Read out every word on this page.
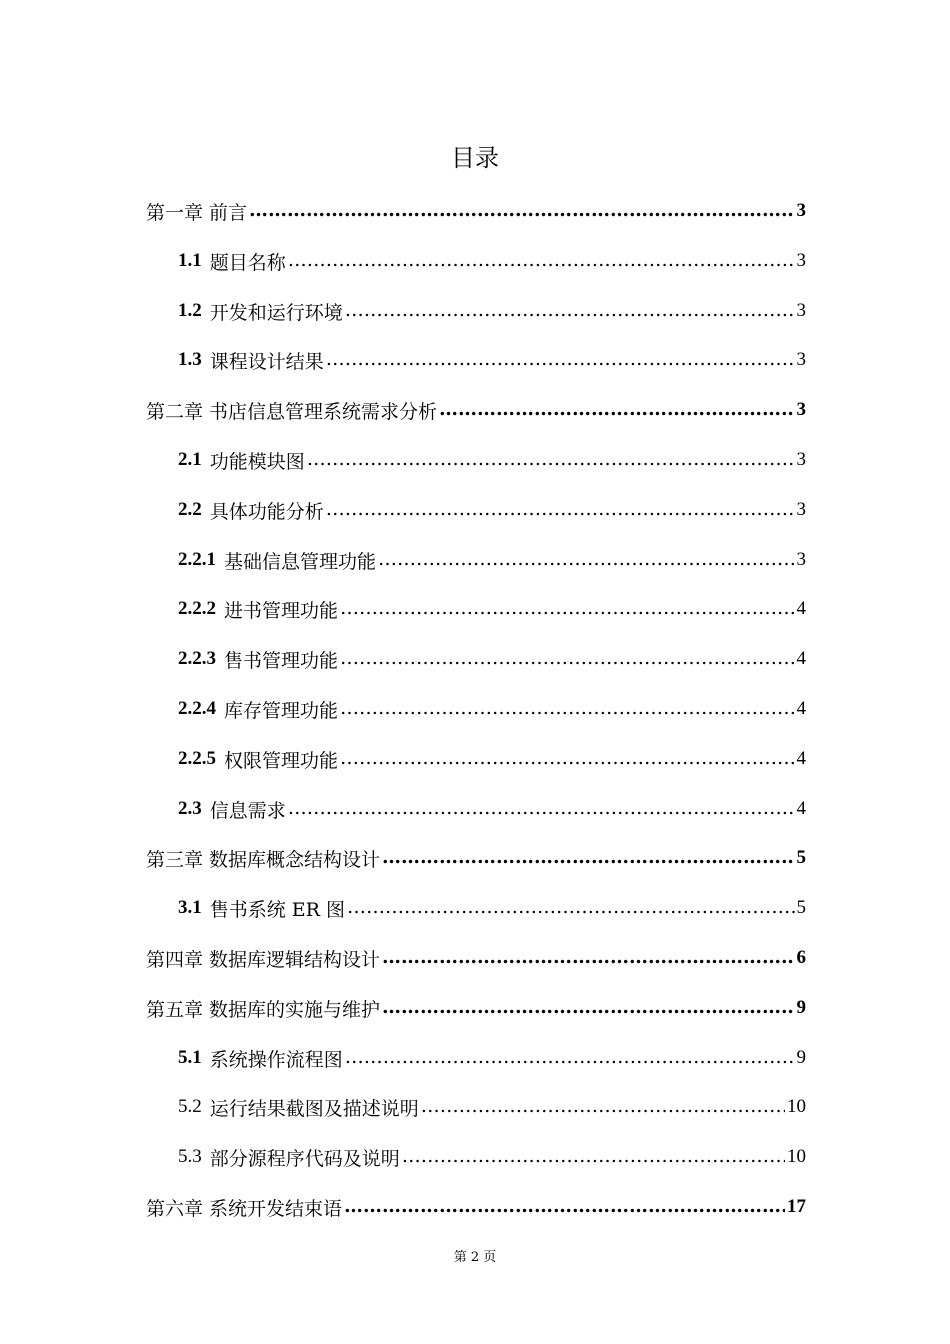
目录
第一章 前言 ……………………………………………………………………………………………………………………………………………………………………	3
1.1 题目名称 ……………………………………………………………………………………………………………………………………………………………………	3
1.2 开发和运行环境 ……………………………………………………………………………………………………………………………………………………………………	3
1.3 课程设计结果 ……………………………………………………………………………………………………………………………………………………………………	3
第二章 书店信息管理系统需求分析 ……………………………………………………………………………………………………………………………………………………………………	3
2.1 功能模块图 ……………………………………………………………………………………………………………………………………………………………………	3
2.2 具体功能分析 ……………………………………………………………………………………………………………………………………………………………………	3
2.2.1 基础信息管理功能 ……………………………………………………………………………………………………………………………………………………………………	3
2.2.2 进书管理功能 ……………………………………………………………………………………………………………………………………………………………………	4
2.2.3 售书管理功能 ……………………………………………………………………………………………………………………………………………………………………	4
2.2.4 库存管理功能 ……………………………………………………………………………………………………………………………………………………………………	4
2.2.5 权限管理功能 ……………………………………………………………………………………………………………………………………………………………………	4
2.3 信息需求 ……………………………………………………………………………………………………………………………………………………………………	4
第三章 数据库概念结构设计 ……………………………………………………………………………………………………………………………………………………………………	5
3.1 售书系统 ER 图 ……………………………………………………………………………………………………………………………………………………………………	5
第四章 数据库逻辑结构设计 ……………………………………………………………………………………………………………………………………………………………………	6
第五章 数据库的实施与维护 ……………………………………………………………………………………………………………………………………………………………………	9
5.1 系统操作流程图 ……………………………………………………………………………………………………………………………………………………………………	9
5.2 运行结果截图及描述说明 ……………………………………………………………………………………………………………………………………………………………………	10
5.3 部分源程序代码及说明 ……………………………………………………………………………………………………………………………………………………………………	10
第六章 系统开发结束语 ……………………………………………………………………………………………………………………………………………………………………	17
第 2 页
